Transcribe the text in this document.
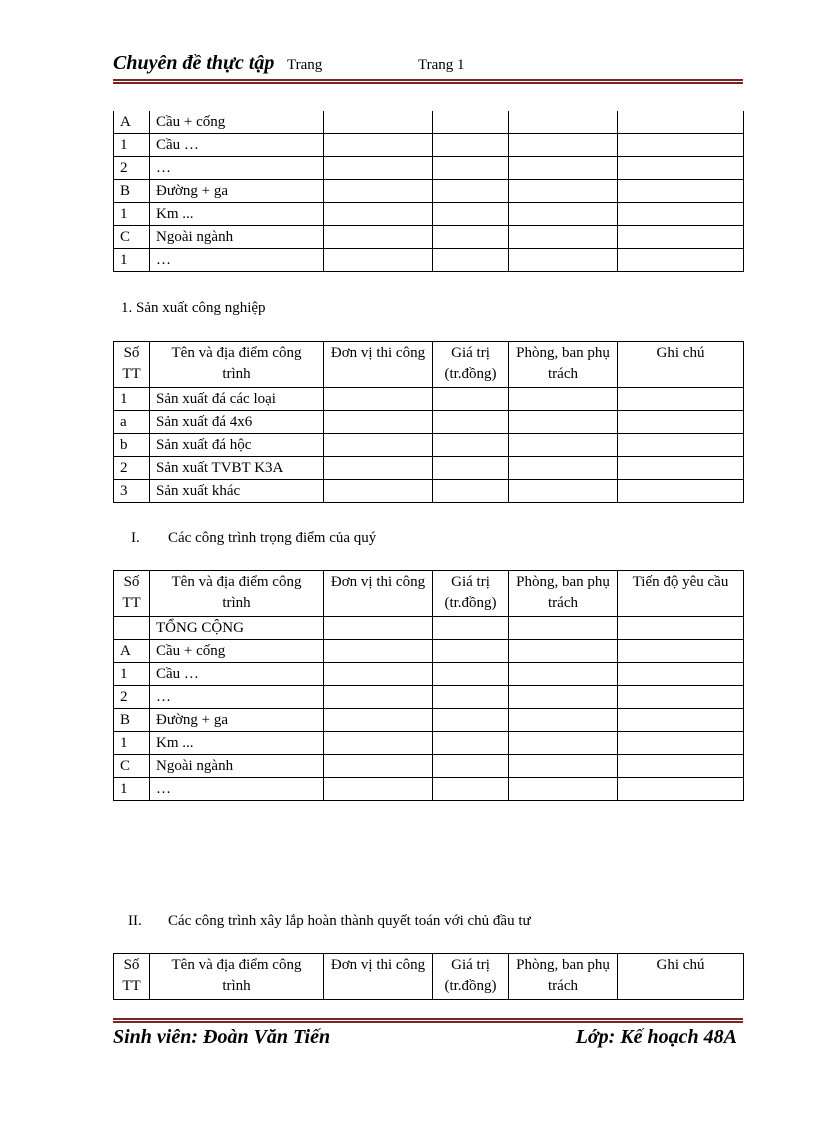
Chuyên đề thực tập Trang	Trang 1
A	Cầu + cống				
1	Cầu …				
2	…				
B	Đường + ga				
1	Km ...				
C	Ngoài ngành				
1	…				
1. Sản xuất công nghiệp
Số TT	Tên và địa điểm công trình	Đơn vị thi công	Giá trị (tr.đồng)	Phòng, ban phụ trách	Ghi chú
1	Sản xuất đá các loại				
a	Sản xuất đá 4x6				
b	Sản xuất đá hộc				
2	Sản xuất TVBT K3A				
3	Sản xuất khác				
I. Các công trình trọng điểm của quý
Số TT	Tên và địa điểm công trình	Đơn vị thi công	Giá trị (tr.đồng)	Phòng, ban phụ trách	Tiến độ yêu cầu
	TỔNG CỘNG				
A	Cầu + cống				
1	Cầu …				
2	…				
B	Đường + ga				
1	Km ...				
C	Ngoài ngành				
1	…				
II. Các công trình xây lắp hoàn thành quyết toán với chủ đầu tư
Số TT	Tên và địa điểm công trình	Đơn vị thi công	Giá trị (tr.đồng)	Phòng, ban phụ trách	Ghi chú
Sinh viên: Đoàn Văn Tiến	Lớp: Kế hoạch 48A
